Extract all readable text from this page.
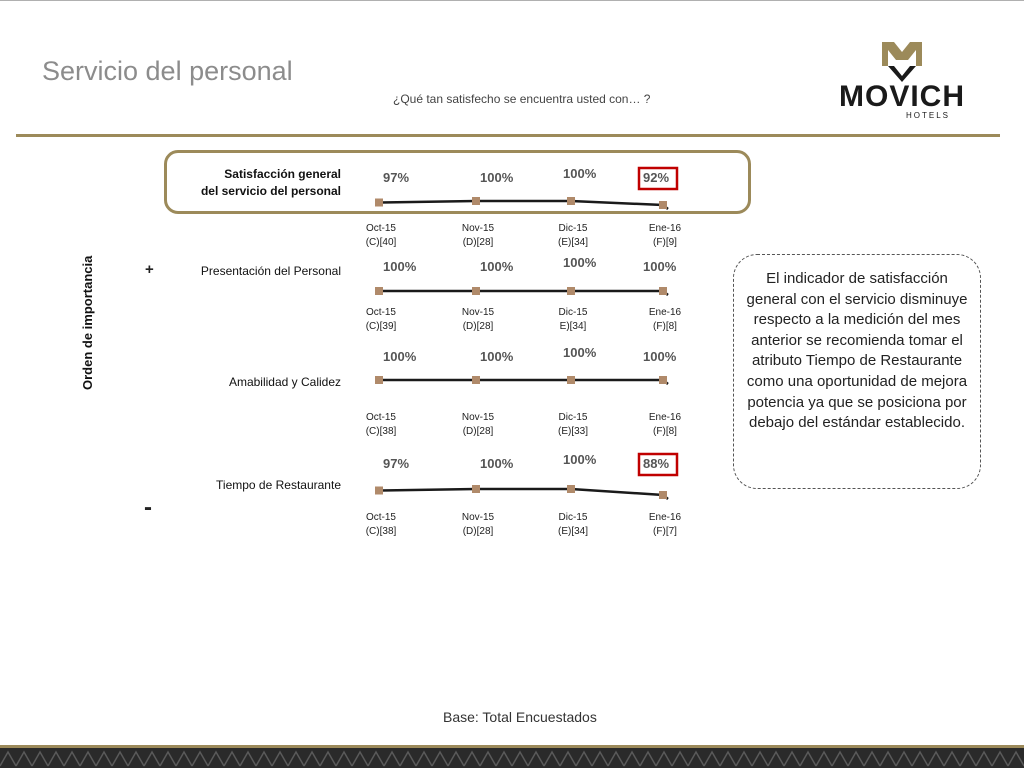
Servicio del personal
¿Qué tan satisfecho se encuentra usted con… ?	MOVICH
HOTELS
Satisfacción general
del servicio del personal
Presentación del Personal
Amabilidad y Calidez
Tiempo de Restaurante
+
-
Orden de importancia
97%
Oct-15
(C)[40]
100%
Nov-15
(D)[28]
100%
Dic-15
(E)[34]
92%
Ene-16
(F)[9]
100%
Oct-15
(C)[39]
100%
Nov-15
(D)[28]
100%
Dic-15
E)[34]
100%
Ene-16
(F)[8]
100%
Oct-15
(C)[38]
100%
Nov-15
(D)[28]
100%
Dic-15
(E)[33]
100%
Ene-16
(F)[8]
97%
Oct-15
(C)[38]
100%
Nov-15
(D)[28]
100%
Dic-15
(E)[34]
88%
Ene-16
(F)[7]
El indicador de satisfacción general con el servicio disminuye respecto a la medición del mes anterior se recomienda tomar el atributo Tiempo de Restaurante como una oportunidad de mejora potencia ya que se posiciona por debajo del estándar establecido.
Base: Total Encuestados
